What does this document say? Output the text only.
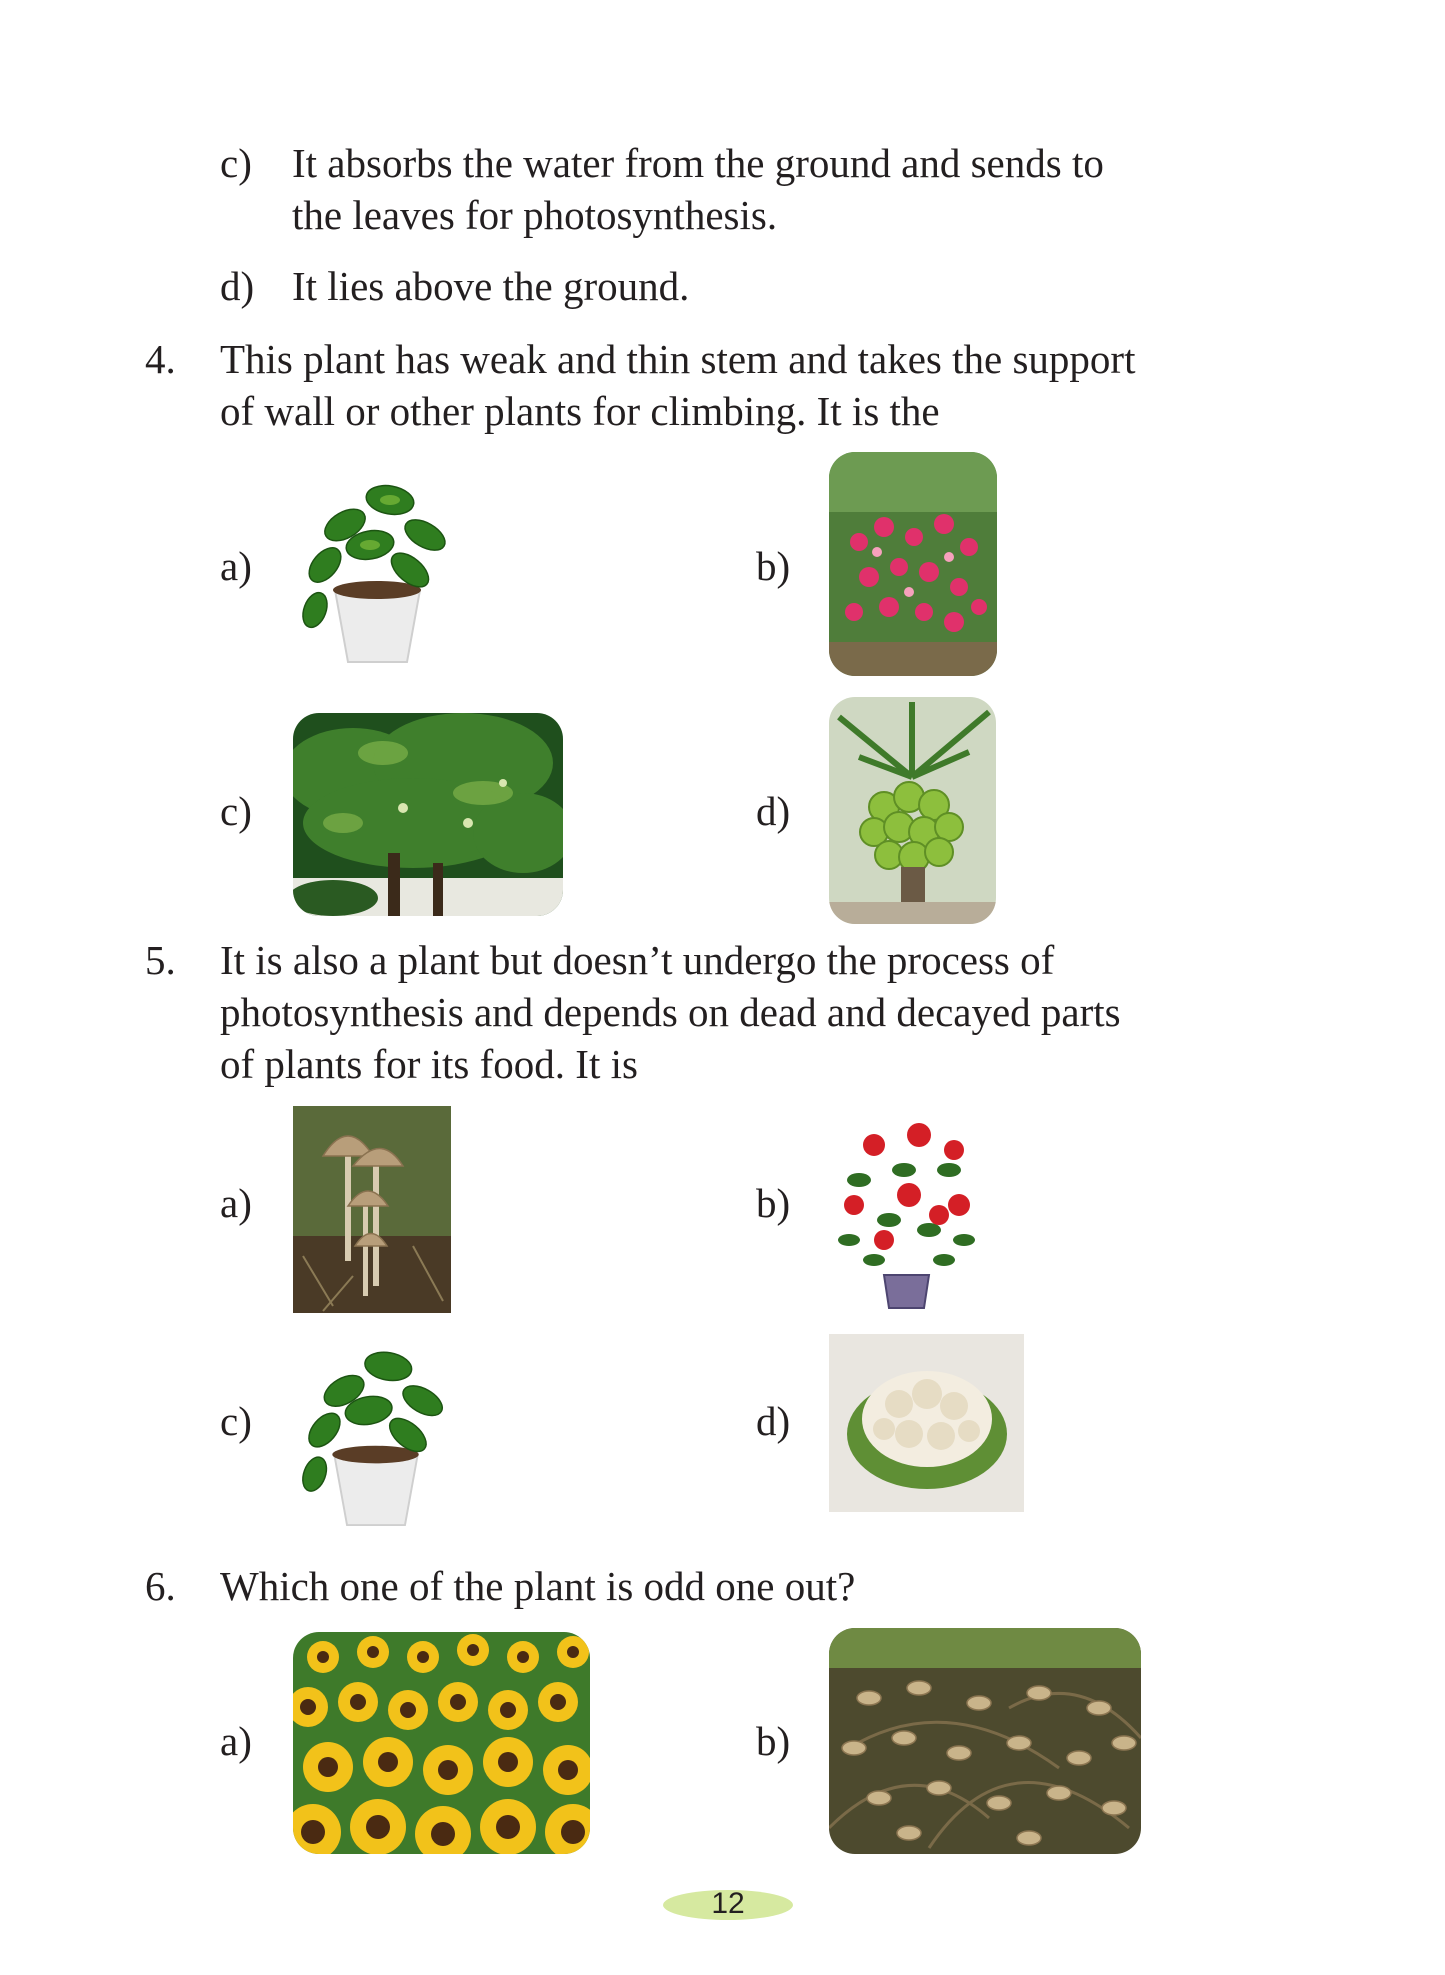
c) It absorbs the water from the ground and sends to
the leaves for photosynthesis.
d) It lies above the ground.
4. This plant has weak and thin stem and takes the support
of wall or other plants for climbing. It is the
a)	b)
c)	d)
5. It is also a plant but doesn’t undergo the process of
photosynthesis and depends on dead and decayed parts
of plants for its food. It is
a)	b)
c)	d)
6. Which one of the plant is odd one out?
a)	b)
12
